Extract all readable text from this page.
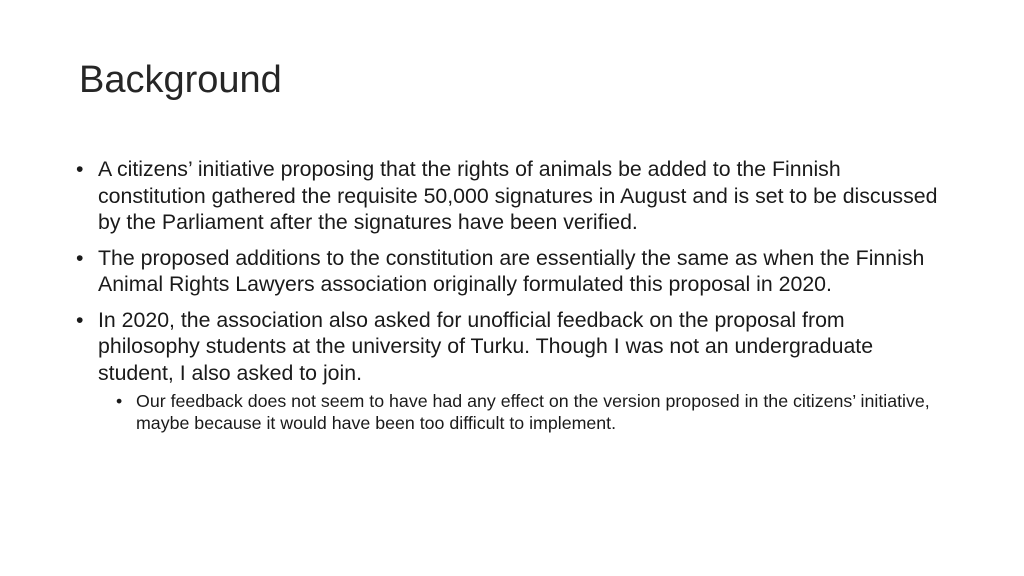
Background
• A citizens’ initiative proposing that the rights of animals be added to the Finnish constitution gathered the requisite 50,000 signatures in August and is set to be discussed by the Parliament after the signatures have been verified.
• The proposed additions to the constitution are essentially the same as when the Finnish Animal Rights Lawyers association originally formulated this proposal in 2020.
• In 2020, the association also asked for unofficial feedback on the proposal from philosophy students at the university of Turku. Though I was not an undergraduate student, I also asked to join.
• Our feedback does not seem to have had any effect on the version proposed in the citizens’ initiative, maybe because it would have been too difficult to implement.
